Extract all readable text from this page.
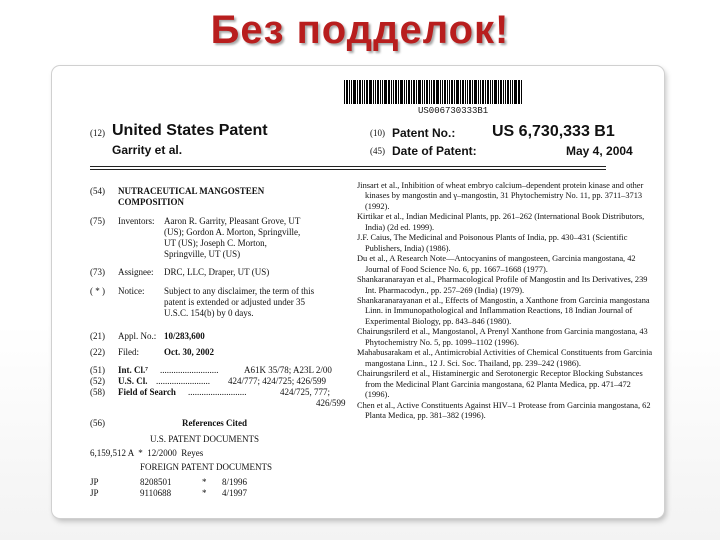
Без подделок!
US006730333B1
(12) United States Patent
Garrity et al.
(10) Patent No.: US 6,730,333 B1
(45) Date of Patent:	May 4, 2004
(54) NUTRACEUTICAL MANGOSTEEN
COMPOSITION
(75) Inventors: Aaron R. Garrity, Pleasant Grove, UT
(US); Gordon A. Morton, Springville,
UT (US); Joseph C. Morton,
Springville, UT (US)
(73) Assignee: DRC, LLC, Draper, UT (US)
( * ) Notice: Subject to any disclaimer, the term of this
patent is extended or adjusted under 35
U.S.C. 154(b) by 0 days.
(21) Appl. No.: 10/283,600
(22) Filed:	Oct. 30, 2002
(51) Int. Cl.⁷ ..........................	A61K 35/78; A23L 2/00
(52) U.S. Cl. ........................ 424/777; 424/725; 426/599
(58) Field of Search ..........................	424/725, 777;
426/599
(56)	References Cited
U.S. PATENT DOCUMENTS
6,159,512 A  *  12/2000  Reyes
FOREIGN PATENT DOCUMENTS
JP	8208501	* 8/1996
JP	9110688	* 4/1997

Jinsart et al., Inhibition of wheat embryo calcium–dependent protein kinase and other kinases by mangostin and γ–mangostin, 31 Phytochemistry No. 11, pp. 3711–3713 (1992).

Kirtikar et al., Indian Medicinal Plants, pp. 261–262 (International Book Distributors, India) (2d ed. 1999).

J.F. Caius, The Medicinal and Poisonous Plants of India, pp. 430–431 (Scientific Publishers, India) (1986).

Du et al., A Research Note—Antocyanins of mangosteen, Garcinia mangostana, 42 Journal of Food Science No. 6, pp. 1667–1668 (1977).

Shankaranarayan et al., Pharmacological Profile of Mangostin and Its Derivatives, 239 Int. Pharmacodyn., pp. 257–269 (India) (1979).

Shankaranarayanan et al., Effects of Mangostin, a Xanthone from Garcinia mangostana Linn. in Immunopathological and Inflammation Reactions, 18 Indian Journal of Experimental Biology, pp. 843–846 (1980).

Chairungsrilerd et al., Mangostanol, A Prenyl Xanthone from Garcinia mangostana, 43 Phytochemistry No. 5, pp. 1099–1102 (1996).

Mahabusarakam et al., Antimicrobial Activities of Chemical Constituents from Garcinia mangostana Linn., 12 J. Sci. Soc. Thailand, pp. 239–242 (1986).

Chairungsrilerd et al., Histaminergic and Serotonergic Receptor Blocking Substances from the Medicinal Plant Garcinia mangostana, 62 Planta Medica, pp. 471–472 (1996).

Chen et al., Active Constituents Against HIV–1 Protease from Garcinia mangostana, 62 Planta Medica, pp. 381–382 (1996).
